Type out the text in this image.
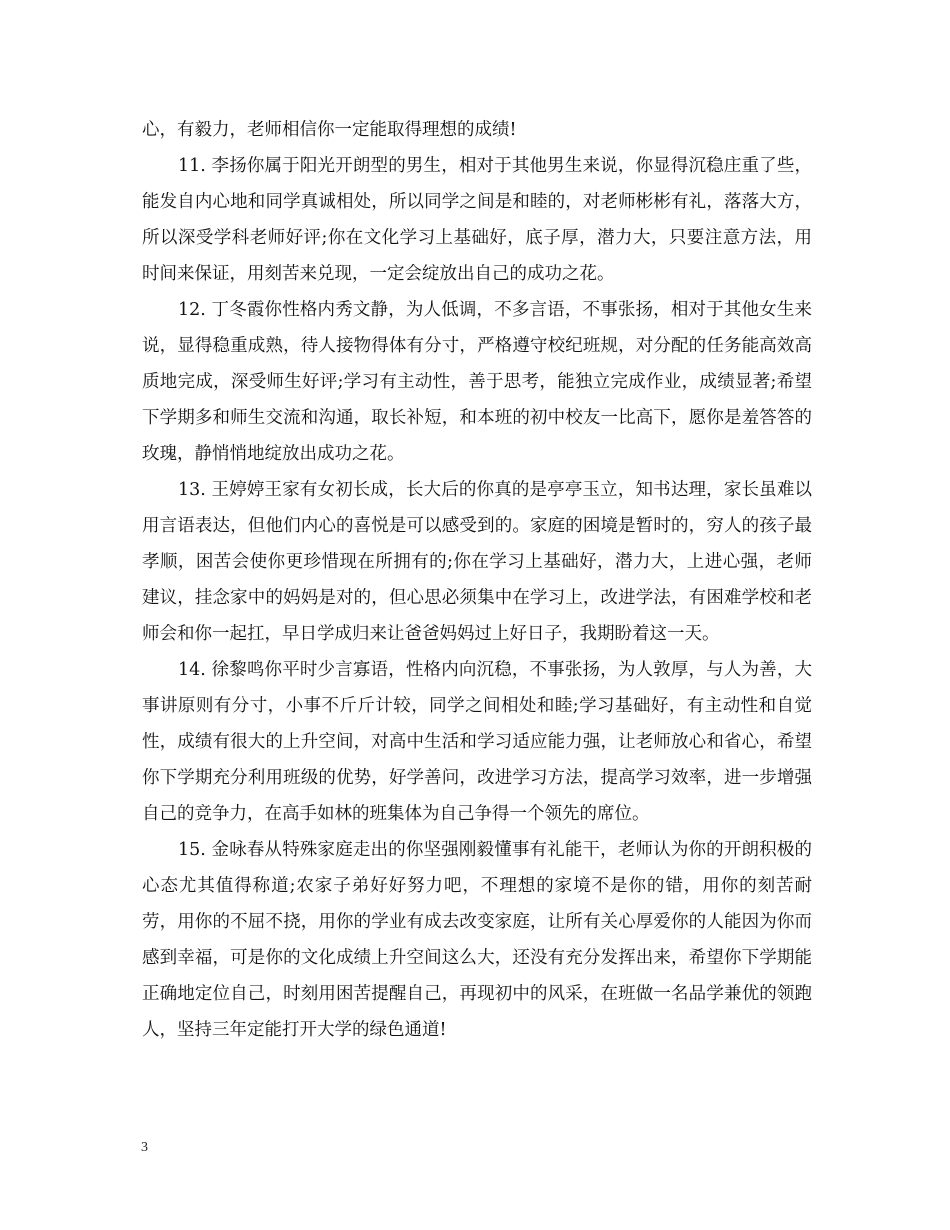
心，有毅力，老师相信你一定能取得理想的成绩!

11. 李扬你属于阳光开朗型的男生，相对于其他男生来说，你显得沉稳庄重了些，能发自内心地和同学真诚相处，所以同学之间是和睦的，对老师彬彬有礼，落落大方，所以深受学科老师好评;你在文化学习上基础好，底子厚，潜力大，只要注意方法，用时间来保证，用刻苦来兑现，一定会绽放出自己的成功之花。

12. 丁冬霞你性格内秀文静，为人低调，不多言语，不事张扬，相对于其他女生来说，显得稳重成熟，待人接物得体有分寸，严格遵守校纪班规，对分配的任务能高效高质地完成，深受师生好评;学习有主动性，善于思考，能独立完成作业，成绩显著;希望下学期多和师生交流和沟通，取长补短，和本班的初中校友一比高下，愿你是羞答答的玫瑰，静悄悄地绽放出成功之花。

13. 王婷婷王家有女初长成，长大后的你真的是亭亭玉立，知书达理，家长虽难以用言语表达，但他们内心的喜悦是可以感受到的。家庭的困境是暂时的，穷人的孩子最孝顺，困苦会使你更珍惜现在所拥有的;你在学习上基础好，潜力大，上进心强，老师建议，挂念家中的妈妈是对的，但心思必须集中在学习上，改进学法，有困难学校和老师会和你一起扛，早日学成归来让爸爸妈妈过上好日子，我期盼着这一天。

14. 徐黎鸣你平时少言寡语，性格内向沉稳，不事张扬，为人敦厚，与人为善，大事讲原则有分寸，小事不斤斤计较，同学之间相处和睦;学习基础好，有主动性和自觉性，成绩有很大的上升空间，对高中生活和学习适应能力强，让老师放心和省心，希望你下学期充分利用班级的优势，好学善问，改进学习方法，提高学习效率，进一步增强自己的竞争力，在高手如林的班集体为自己争得一个领先的席位。

15. 金咏春从特殊家庭走出的你坚强刚毅懂事有礼能干，老师认为你的开朗积极的心态尤其值得称道;农家子弟好好努力吧，不理想的家境不是你的错，用你的刻苦耐劳，用你的不屈不挠，用你的学业有成去改变家庭，让所有关心厚爱你的人能因为你而感到幸福，可是你的文化成绩上升空间这么大，还没有充分发挥出来，希望你下学期能正确地定位自己，时刻用困苦提醒自己，再现初中的风采，在班做一名品学兼优的领跑人，坚持三年定能打开大学的绿色通道!

3
